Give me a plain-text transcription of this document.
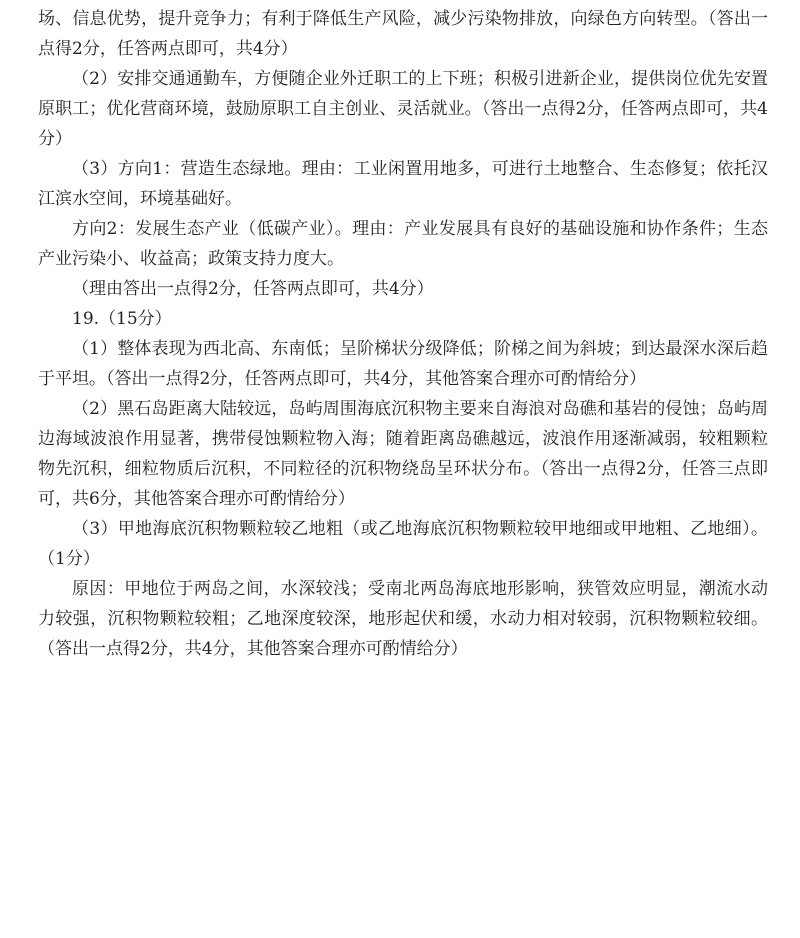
场、信息优势，提升竞争力；有利于降低生产风险，减少污染物排放，向绿色方向转型。（答出一点得2分，任答两点即可，共4分）

（2）安排交通通勤车，方便随企业外迁职工的上下班；积极引进新企业，提供岗位优先安置原职工；优化营商环境，鼓励原职工自主创业、灵活就业。（答出一点得2分，任答两点即可，共4分）

（3）方向1：营造生态绿地。理由：工业闲置用地多，可进行土地整合、生态修复；依托汉江滨水空间，环境基础好。

方向2：发展生态产业（低碳产业）。理由：产业发展具有良好的基础设施和协作条件；生态产业污染小、收益高；政策支持力度大。

（理由答出一点得2分，任答两点即可，共4分）

19.（15分）

（1）整体表现为西北高、东南低；呈阶梯状分级降低；阶梯之间为斜坡；到达最深水深后趋于平坦。（答出一点得2分，任答两点即可，共4分，其他答案合理亦可酌情给分）

（2）黑石岛距离大陆较远，岛屿周围海底沉积物主要来自海浪对岛礁和基岩的侵蚀；岛屿周边海域波浪作用显著，携带侵蚀颗粒物入海；随着距离岛礁越远，波浪作用逐渐减弱，较粗颗粒物先沉积，细粒物质后沉积，不同粒径的沉积物绕岛呈环状分布。（答出一点得2分，任答三点即可，共6分，其他答案合理亦可酌情给分）

（3）甲地海底沉积物颗粒较乙地粗（或乙地海底沉积物颗粒较甲地细或甲地粗、乙地细）。（1分）

原因：甲地位于两岛之间，水深较浅；受南北两岛海底地形影响，狭管效应明显，潮流水动力较强，沉积物颗粒较粗；乙地深度较深，地形起伏和缓，水动力相对较弱，沉积物颗粒较细。（答出一点得2分，共4分，其他答案合理亦可酌情给分）
